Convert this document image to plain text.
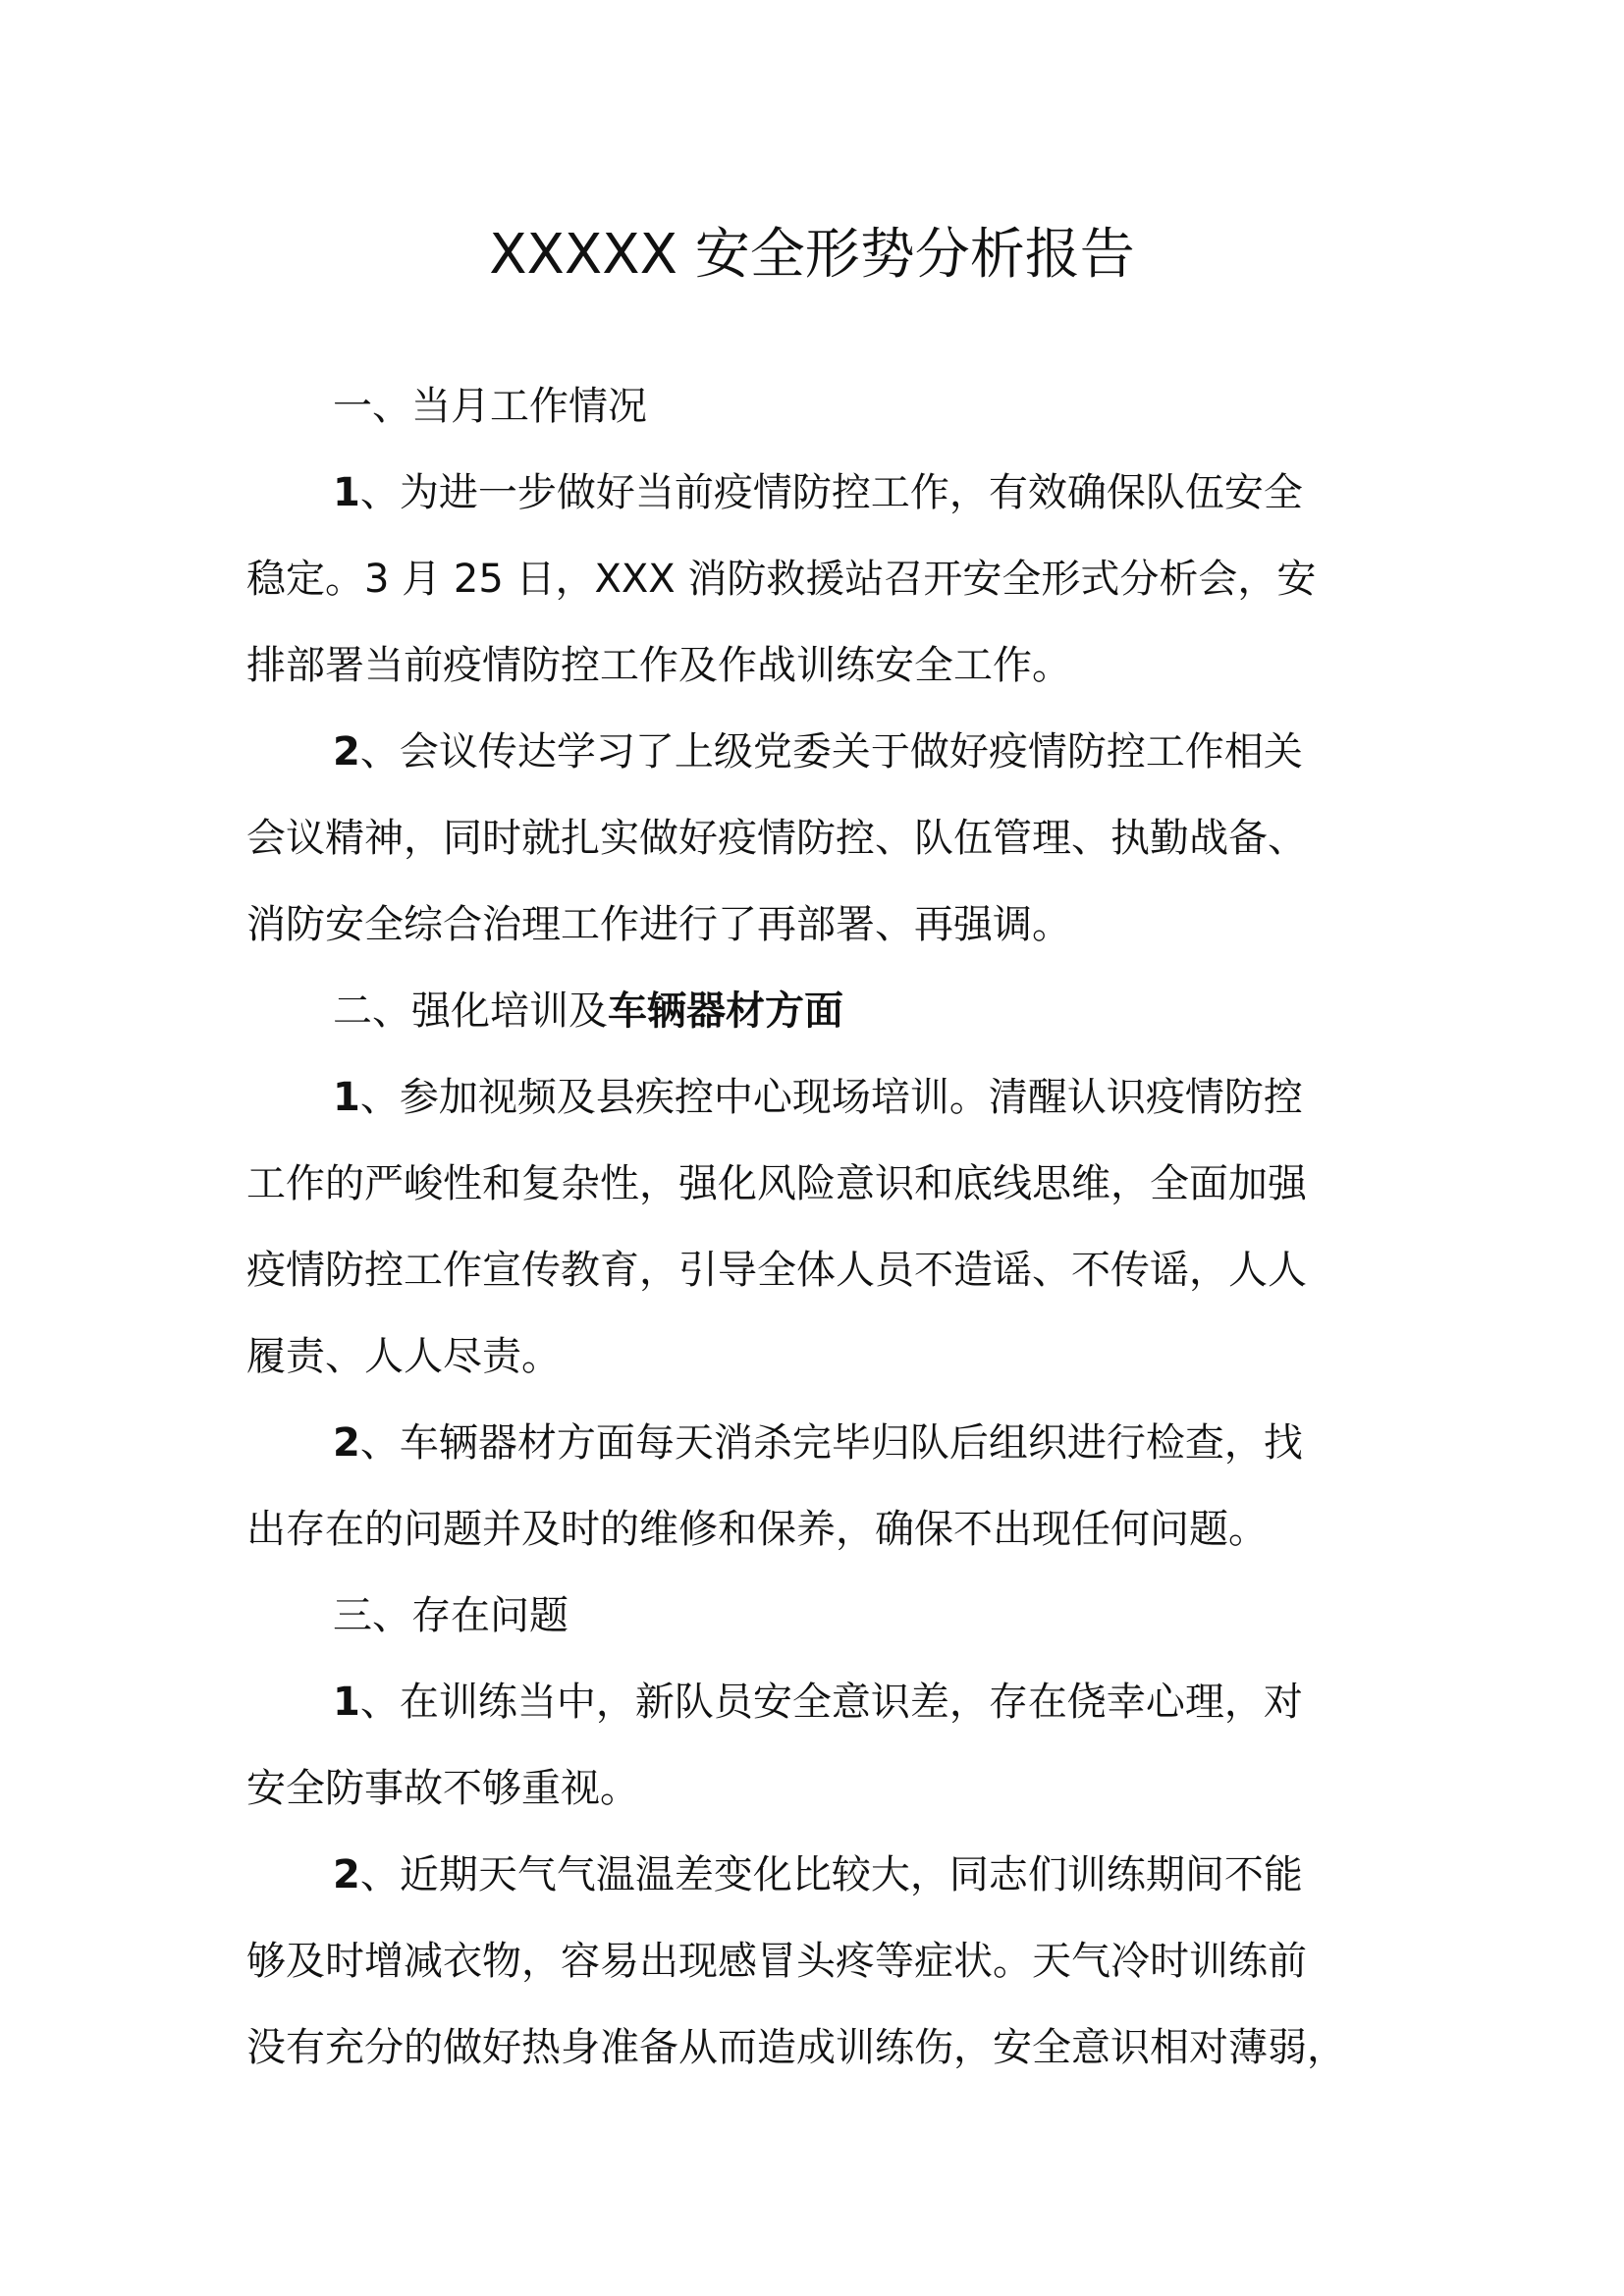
XXXXX 安全形势分析报告

一、当月工作情况

1、为进一步做好当前疫情防控工作，有效确保队伍安全

稳定。3 月 25 日，XXX 消防救援站召开安全形式分析会，安

排部署当前疫情防控工作及作战训练安全工作。

2、会议传达学习了上级党委关于做好疫情防控工作相关

会议精神，同时就扎实做好疫情防控、队伍管理、执勤战备、

消防安全综合治理工作进行了再部署、再强调。

二、强化培训及车辆器材方面

1、参加视频及县疾控中心现场培训。清醒认识疫情防控

工作的严峻性和复杂性，强化风险意识和底线思维，全面加强

疫情防控工作宣传教育，引导全体人员不造谣、不传谣，人人

履责、人人尽责。

2、车辆器材方面每天消杀完毕归队后组织进行检查，找

出存在的问题并及时的维修和保养，确保不出现任何问题。

三、存在问题

1、在训练当中，新队员安全意识差，存在侥幸心理，对

安全防事故不够重视。

2、近期天气气温温差变化比较大，同志们训练期间不能

够及时增减衣物，容易出现感冒头疼等症状。天气冷时训练前

没有充分的做好热身准备从而造成训练伤，安全意识相对薄弱，
